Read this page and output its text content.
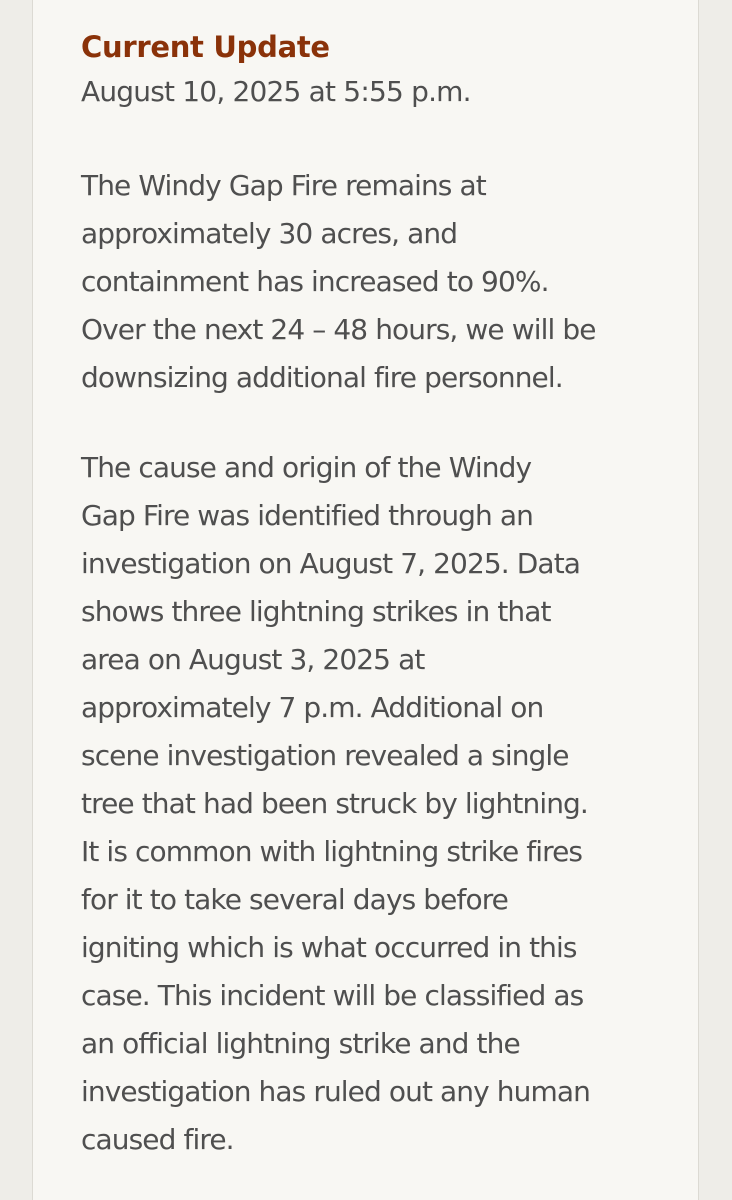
Current Update

August 10, 2025 at 5:55 p.m.

The Windy Gap Fire remains at
approximately 30 acres, and
containment has increased to 90%.
Over the next 24 – 48 hours, we will be
downsizing additional fire personnel.

The cause and origin of the Windy
Gap Fire was identified through an
investigation on August 7, 2025. Data
shows three lightning strikes in that
area on August 3, 2025 at
approximately 7 p.m. Additional on
scene investigation revealed a single
tree that had been struck by lightning.
It is common with lightning strike fires
for it to take several days before
igniting which is what occurred in this
case. This incident will be classified as
an official lightning strike and the
investigation has ruled out any human
caused fire.
